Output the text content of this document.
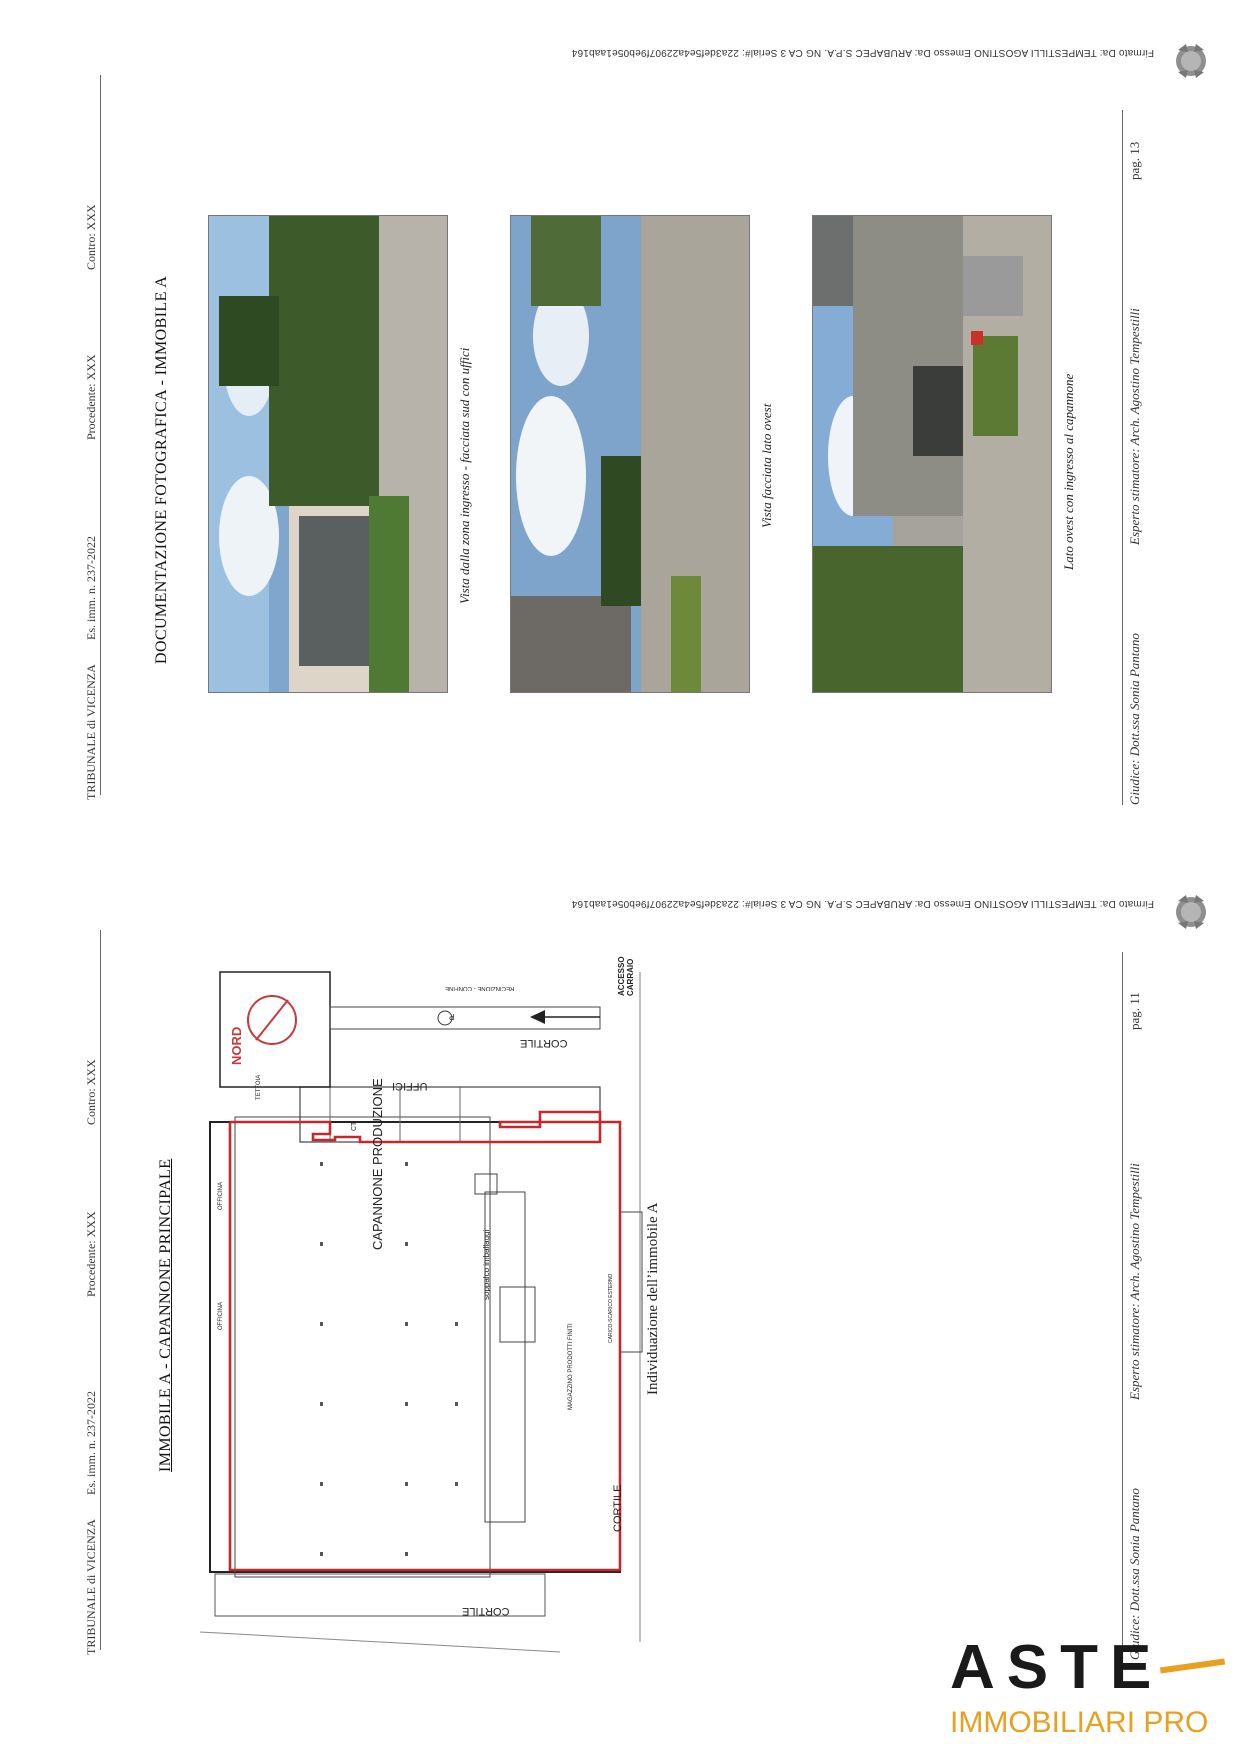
TRIBUNALE di VICENZA
Es. imm. n. 237-2022
Procedente: XXX
Contro: XXX
DOCUMENTAZIONE FOTOGRAFICA - IMMOBILE A	Vista dalla zona ingresso - facciata sud con uffici	Vista facciata lato ovest	Lato ovest con ingresso al capannone
Giudice: Dott.ssa Sonia Pantano
Esperto stimatore: Arch. Agostino Tempestilli
pag. 13
Firmato Da: TEMPESTILLI AGOSTINO Emesso Da: ARUBAPEC S.P.A. NG CA 3 Serial#: 22a3def5e4a22907f9eb05e1aab164
TRIBUNALE di VICENZA
Es. imm. n. 237-2022
Procedente: XXX
Contro: XXX
IMMOBILE A - CAPANNONE PRINCIPALE	CAPANNONE PRODUZIONE
soppalco imballaggi
MAGAZZINO PRODOTTI FINITI
NORD
UFFICI
CORTILE
CORTILE
CORTILE
OFFICINA
OFFICINA
TETTOIA
RECINZIONE - CONFINE
CARICO-SCARICO ESTERNO
ACCESSO CARRAIO
P
CT
Individuazione dell’immobile A
Giudice: Dott.ssa Sonia Pantano
Esperto stimatore: Arch. Agostino Tempestilli
pag. 11
Firmato Da: TEMPESTILLI AGOSTINO Emesso Da: ARUBAPEC S.P.A. NG CA 3 Serial#: 22a3def5e4a22907f9eb05e1aab164
ASTE
IMMOBILIARI PRO
